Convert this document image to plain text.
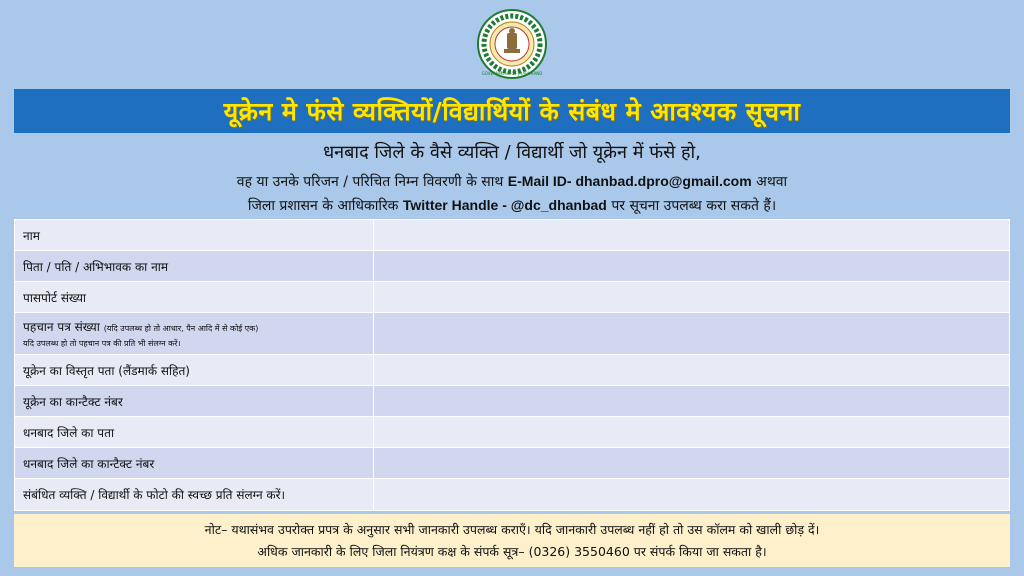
GOVERNMENT OF JHARKHAND
यूक्रेन मे फंसे व्यक्तियों/विद्यार्थियों के संबंध मे आवश्यक सूचना
धनबाद जिले के वैसे व्यक्ति / विद्यार्थी जो यूक्रेन में फंसे हो,
वह या उनके परिजन / परिचित निम्न विवरणी के साथ E-Mail ID- dhanbad.dpro@gmail.com अथवा
जिला प्रशासन के आधिकारिक Twitter Handle - @dc_dhanbad पर सूचना उपलब्ध करा सकते हैं।
नाम	
पिता / पति / अभिभावक का नाम	
पासपोर्ट संख्या	
पहचान पत्र संख्या (यदि उपलब्ध हो तो आधार, पैन आदि में से कोई एक)
यदि उपलब्ध हो तो पहचान पत्र की प्रति भी संलग्न करें।	
यूक्रेन का विस्तृत पता (लैंडमार्क सहित)	
यूक्रेन का कान्टैक्ट नंबर	
धनबाद जिले का पता	
धनबाद जिले का कान्टैक्ट नंबर	
संबंधित व्यक्ति / विद्यार्थी के फोटो की स्वच्छ प्रति संलग्न करें।	
नोट– यथासंभव उपरोक्त प्रपत्र के अनुसार सभी जानकारी उपलब्ध कराएँ। यदि जानकारी उपलब्ध नहीं हो तो उस कॉलम को खाली छोड़ दें।
अधिक जानकारी के लिए जिला नियंत्रण कक्ष के संपर्क सूत्र– (0326) 3550460 पर संपर्क किया जा सकता है।
